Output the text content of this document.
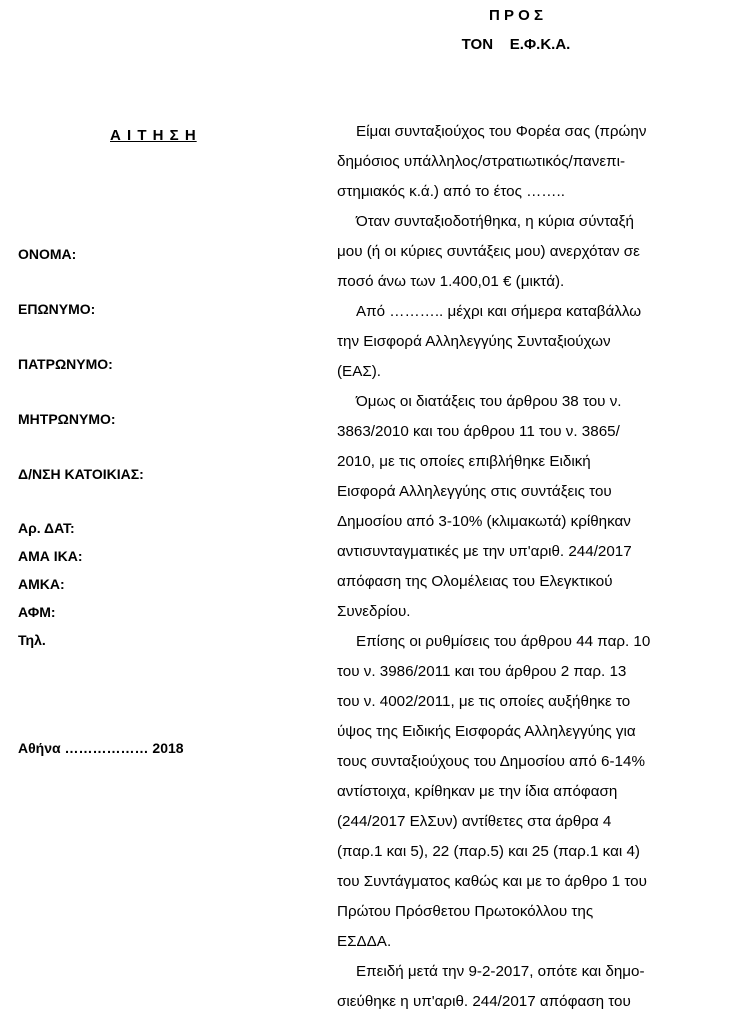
Π Ρ Ο Σ
ΤΟΝ    Ε.Φ.Κ.Α.
Α Ι Τ Η Σ Η
ΟΝΟΜΑ:
ΕΠΩΝΥΜΟ:
ΠΑΤΡΩΝΥΜΟ:
ΜΗΤΡΩΝΥΜΟ:
Δ/ΝΣΗ ΚΑΤΟΙΚΙΑΣ:
Αρ. ΔΑΤ:
ΑΜΑ ΙΚΑ:
ΑΜΚΑ:
ΑΦΜ:
Τηλ.
Αθήνα ……………… 2018
Είμαι συνταξιούχος του Φορέα σας (πρώην
δημόσιος υπάλληλος/στρατιωτικός/πανεπι-
στημιακός κ.ά.) από το έτος ……..
Όταν συνταξιοδοτήθηκα, η κύρια σύνταξή
μου (ή οι κύριες συντάξεις μου) ανερχόταν σε
ποσό άνω των 1.400,01 € (μικτά).
Από ……….. μέχρι και σήμερα καταβάλλω
την Εισφορά Αλληλεγγύης Συνταξιούχων
(ΕΑΣ).
Όμως οι διατάξεις του άρθρου 38 του ν.
3863/2010 και του άρθρου 11 του ν. 3865/
2010, με τις οποίες επιβλήθηκε Ειδική
Εισφορά Αλληλεγγύης στις συντάξεις του
Δημοσίου από 3-10% (κλιμακωτά) κρίθηκαν
αντισυνταγματικές με την υπ'αριθ. 244/2017
απόφαση της Ολομέλειας του Ελεγκτικού
Συνεδρίου.
Επίσης οι ρυθμίσεις του άρθρου 44 παρ. 10
του ν. 3986/2011 και του άρθρου 2 παρ. 13
του ν. 4002/2011, με τις οποίες αυξήθηκε το
ύψος της Ειδικής Εισφοράς Αλληλεγγύης για
τους συνταξιούχους του Δημοσίου από 6-14%
αντίστοιχα, κρίθηκαν με την ίδια απόφαση
(244/2017 ΕλΣυν) αντίθετες στα άρθρα 4
(παρ.1 και 5), 22 (παρ.5) και 25 (παρ.1 και 4)
του Συντάγματος καθώς και με το άρθρο 1 του
Πρώτου Πρόσθετου Πρωτοκόλλου της
ΕΣΔΔΑ.
Επειδή μετά την 9-2-2017, οπότε και δημο-
σιεύθηκε η υπ'αριθ. 244/2017 απόφαση του
